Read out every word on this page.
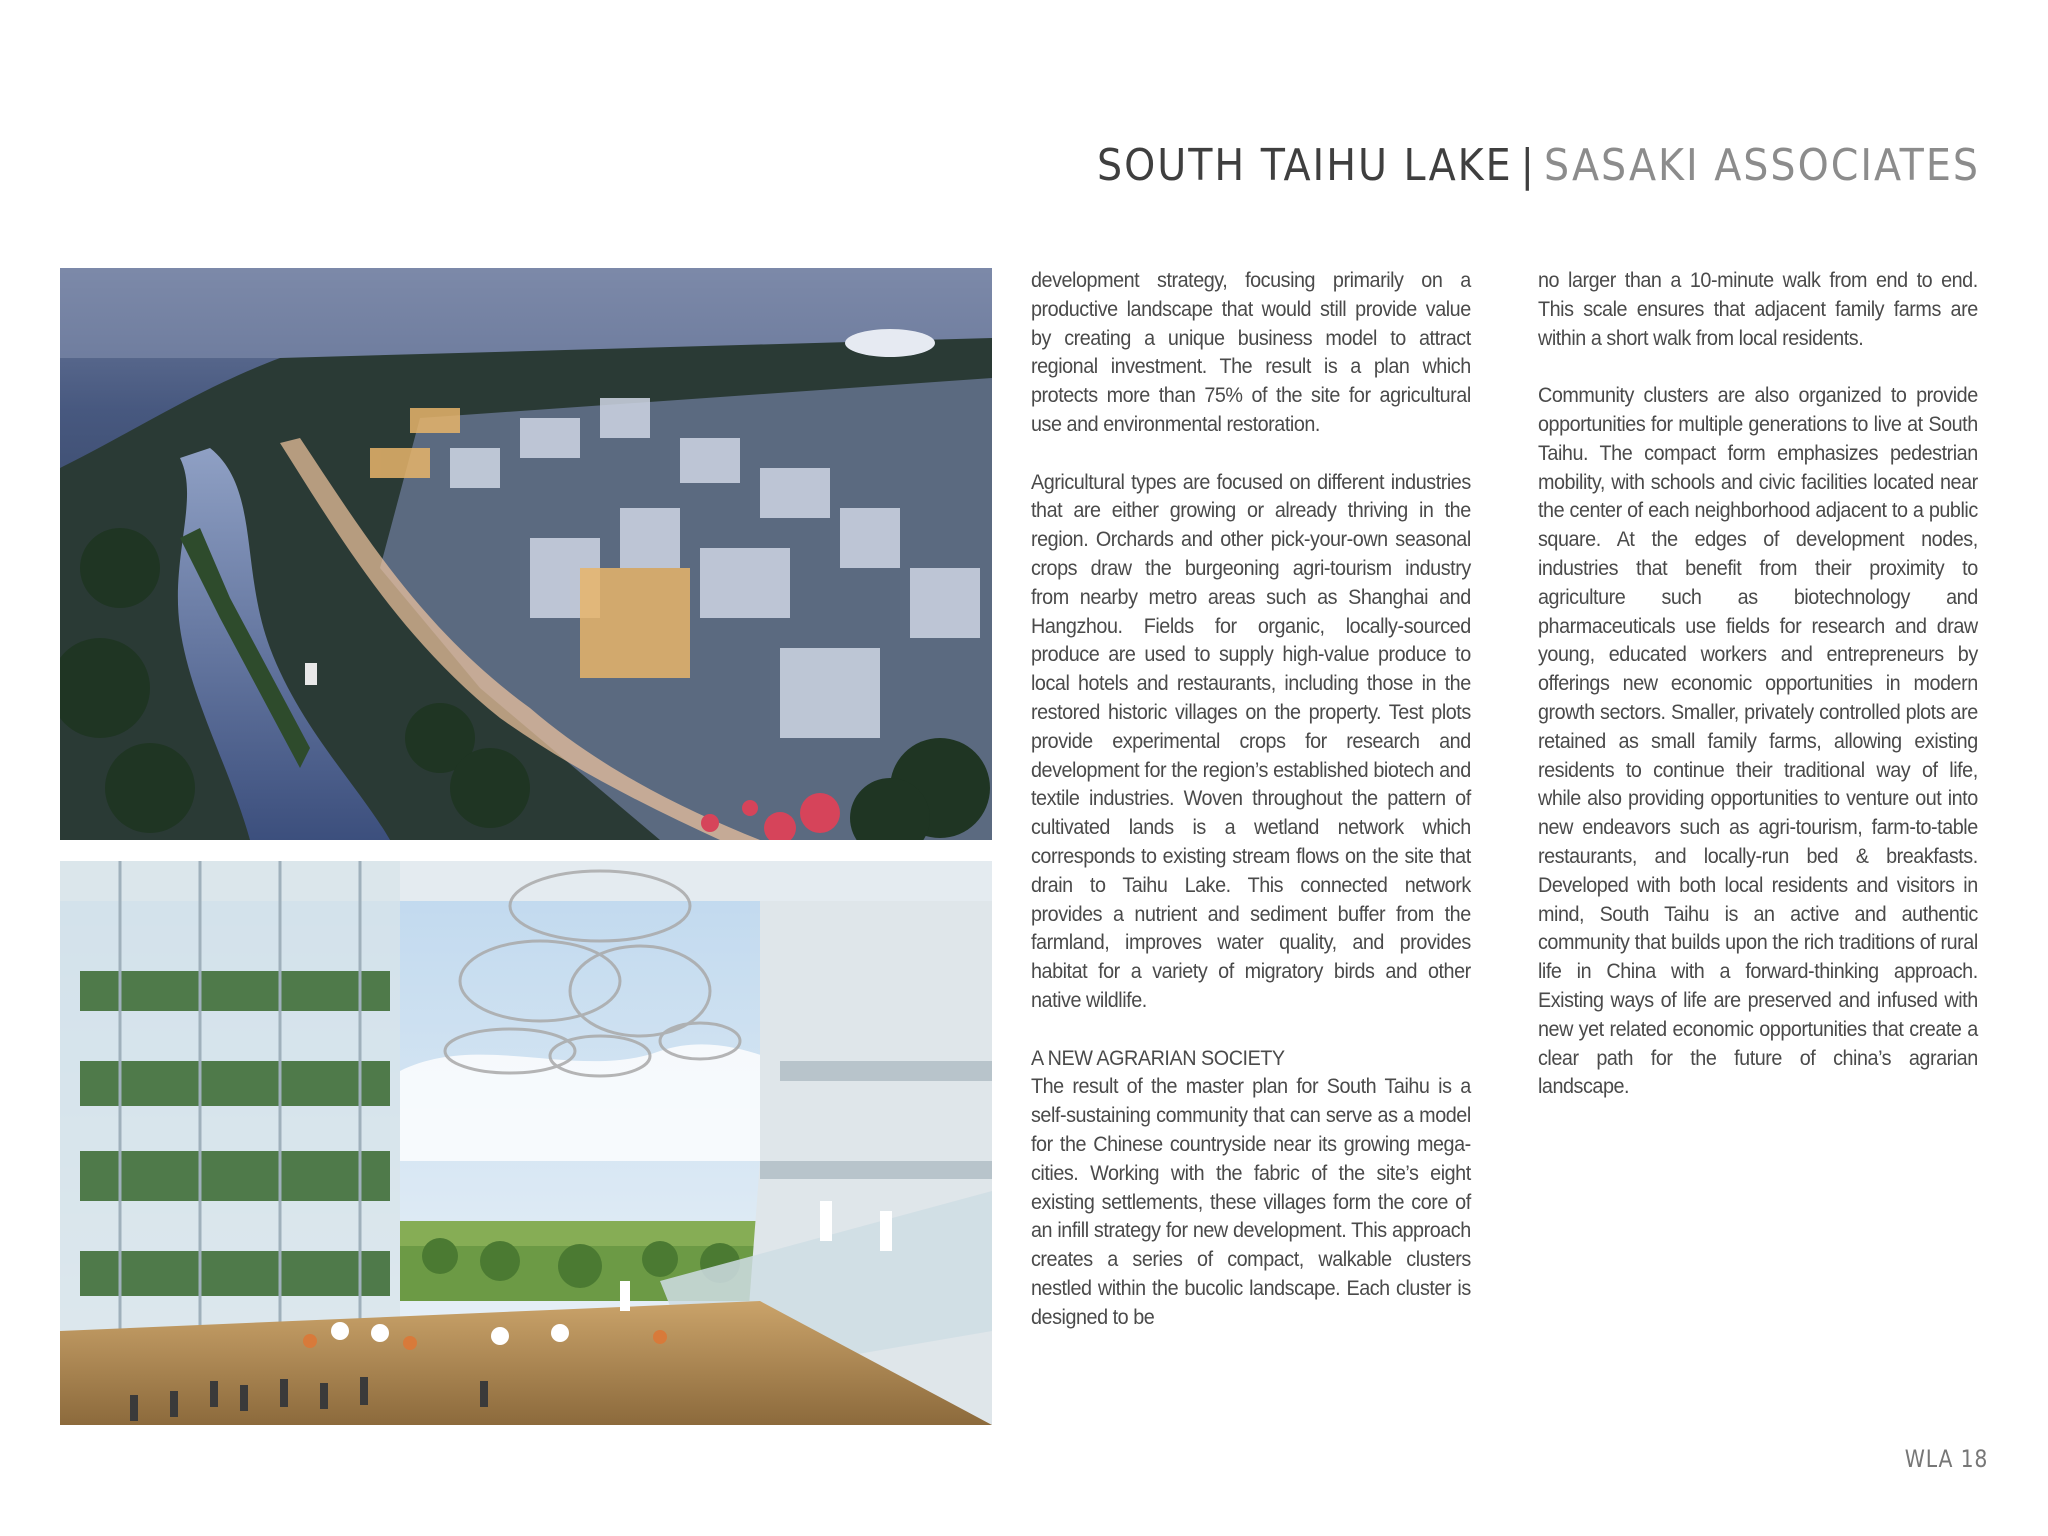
SOUTH TAIHU LAKE | SASAKI ASSOCIATES

development strategy, focusing primarily on a productive landscape that would still provide value by creating a unique business model to attract regional investment. The result is a plan which protects more than 75% of the site for agricultural use and environmental restoration.

Agricultural types are focused on different industries that are either growing or already thriving in the region. Orchards and other pick-your-own seasonal crops draw the burgeoning agri-tourism industry from nearby metro areas such as Shanghai and Hangzhou. Fields for organic, locally-sourced produce are used to supply high-value produce to local hotels and restaurants, including those in the restored historic villages on the property. Test plots provide experimental crops for research and development for the region’s established biotech and textile industries. Woven throughout the pattern of cultivated lands is a wetland network which corresponds to existing stream flows on the site that drain to Taihu Lake. This connected network provides a nutrient and sediment buffer from the farmland, improves water quality, and provides habitat for a variety of migratory birds and other native wildlife.

A NEW AGRARIAN SOCIETY

The result of the master plan for South Taihu is a self-sustaining community that can serve as a model for the Chinese countryside near its growing mega-cities. Working with the fabric of the site’s eight existing settlements, these villages form the core of an infill strategy for new development. This approach creates a series of compact, walkable clusters nestled within the bucolic landscape. Each cluster is designed to be

no larger than a 10-minute walk from end to end. This scale ensures that adjacent family farms are within a short walk from local residents.

Community clusters are also organized to provide opportunities for multiple generations to live at South Taihu. The compact form emphasizes pedestrian mobility, with schools and civic facilities located near the center of each neighborhood adjacent to a public square. At the edges of development nodes, industries that benefit from their proximity to agriculture such as biotechnology and pharmaceuticals use fields for research and draw young, educated workers and entrepreneurs by offerings new economic opportunities in modern growth sectors. Smaller, privately controlled plots are retained as small family farms, allowing existing residents to continue their traditional way of life, while also providing opportunities to venture out into new endeavors such as agri-tourism, farm-to-table restaurants, and locally-run bed & breakfasts. Developed with both local residents and visitors in mind, South Taihu is an active and authentic community that builds upon the rich traditions of rural life in China with a forward-thinking approach. Existing ways of life are preserved and infused with new yet related economic opportunities that create a clear path for the future of china’s agrarian landscape.

WLA 18
